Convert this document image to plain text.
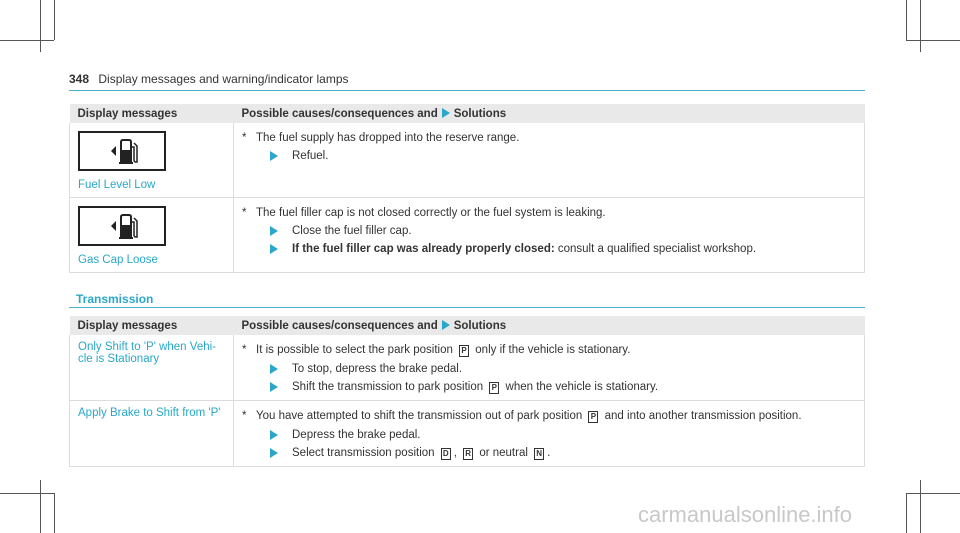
348 Display messages and warning/indicator lamps
Display messages	Possible causes/consequences and Solutions

Fuel Level Low	* The fuel supply has dropped into the reserve range.
Refuel.

Gas Cap Loose	* The fuel filler cap is not closed correctly or the fuel system is leaking.
Close the fuel filler cap.
If the fuel filler cap was already properly closed: consult a qualified specialist workshop.
Transmission
Display messages	Possible causes/consequences and Solutions

Only Shift to 'P' when Vehi- cle is Stationary	* It is possible to select the park position P only if the vehicle is stationary.
To stop, depress the brake pedal.
Shift the transmission to park position P when the vehicle is stationary.

Apply Brake to Shift from 'P'	* You have attempted to shift the transmission out of park position P and into another transmission position.
Depress the brake pedal.
Select transmission position D , R or neutral N .
carmanualsonline.info
